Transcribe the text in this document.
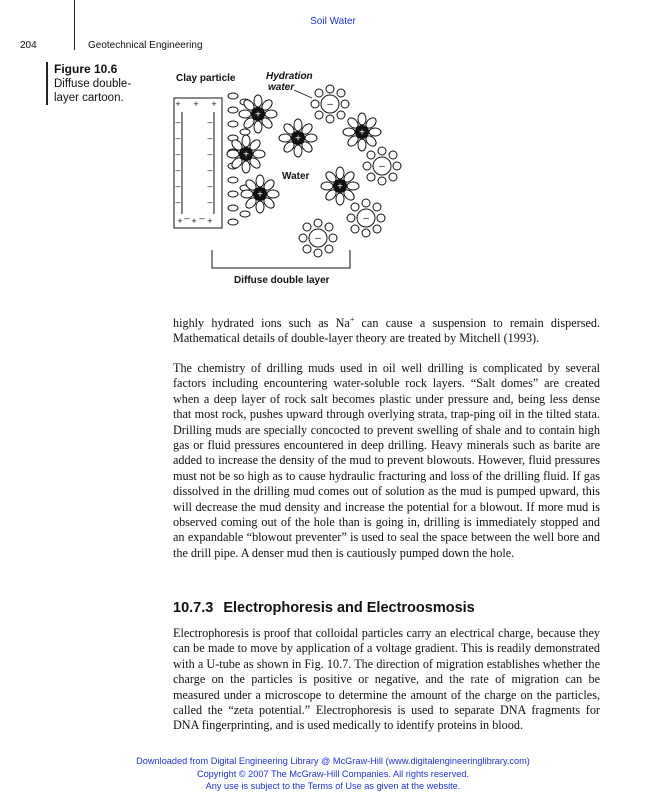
Soil Water
204	Geotechnical Engineering
Figure 10.6
Diffuse double-layer cartoon.	+ + +
_ _
–
–
–
–
–
–
–
–
–
–
–
–
+ + +
_ _
+
+
+
+
+
+
–
–
–
–
Clay particle	Hydration
water
Water
Diffuse double layer

highly hydrated ions such as Na+ can cause a suspension to remain dispersed. Mathematical details of double-layer theory are treated by Mitchell (1993).

The chemistry of drilling muds used in oil well drilling is complicated by several factors including encountering water-soluble rock layers. “Salt domes” are created when a deep layer of rock salt becomes plastic under pressure and, being less dense that most rock, pushes upward through overlying strata, trap-ping oil in the tilted stata. Drilling muds are specially concocted to prevent swelling of shale and to contain high gas or fluid pressures encountered in deep drilling. Heavy minerals such as barite are added to increase the density of the mud to prevent blowouts. However, fluid pressures must not be so high as to cause hydraulic fracturing and loss of the drilling fluid. If gas dissolved in the drilling mud comes out of solution as the mud is pumped upward, this will decrease the mud density and increase the potential for a blowout. If more mud is observed coming out of the hole than is going in, drilling is immediately stopped and an expandable “blowout preventer” is used to seal the space between the well bore and the drill pipe. A denser mud then is cautiously pumped down the hole.

10.7.3 Electrophoresis and Electroosmosis

Electrophoresis is proof that colloidal particles carry an electrical charge, because they can be made to move by application of a voltage gradient. This is readily demonstrated with a U-tube as shown in Fig. 10.7. The direction of migration establishes whether the charge on the particles is positive or negative, and the rate of migration can be measured under a microscope to determine the amount of the charge on the particles, called the “zeta potential.” Electrophoresis is used to separate DNA fragments for DNA fingerprinting, and is used medically to identify proteins in blood.

Downloaded from Digital Engineering Library @ McGraw-Hill (www.digitalengineeringlibrary.com)
Copyright © 2007 The McGraw-Hill Companies. All rights reserved.
Any use is subject to the Terms of Use as given at the website.
